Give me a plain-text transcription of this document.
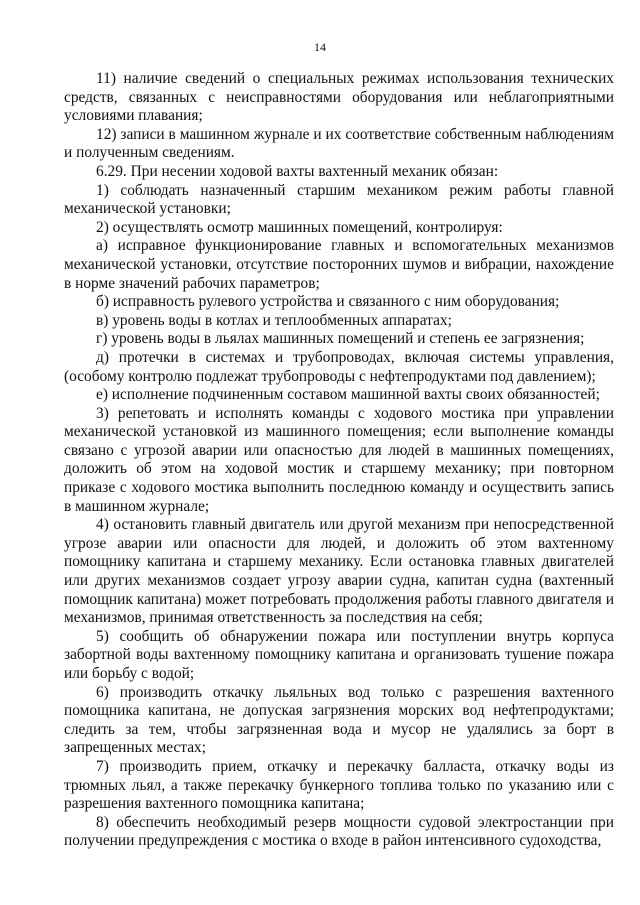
14

11) наличие сведений о специальных режимах использования технических средств, связанных с неисправностями оборудования или неблагоприятными условиями плавания;

12) записи в машинном журнале и их соответствие собственным наблюдениям и полученным сведениям.

6.29. При несении ходовой вахты вахтенный механик обязан:

1) соблюдать назначенный старшим механиком режим работы главной механической установки;

2) осуществлять осмотр машинных помещений, контролируя:

а) исправное функционирование главных и вспомогательных механизмов механической установки, отсутствие посторонних шумов и вибрации, нахождение в норме значений рабочих параметров;

б) исправность рулевого устройства и связанного с ним оборудования;

в) уровень воды в котлах и теплообменных аппаратах;

г) уровень воды в льялах машинных помещений и степень ее загрязнения;

д) протечки в системах и трубопроводах, включая системы управления, (особому контролю подлежат трубопроводы с нефтепродуктами под давлением);

е) исполнение подчиненным составом машинной вахты своих обязанностей;

3) репетовать и исполнять команды с ходового мостика при управлении механической установкой из машинного помещения; если выполнение команды связано с угрозой аварии или опасностью для людей в машинных помещениях, доложить об этом на ходовой мостик и старшему механику; при повторном приказе с ходового мостика выполнить последнюю команду и осуществить запись в машинном журнале;

4) остановить главный двигатель или другой механизм при непосредственной угрозе аварии или опасности для людей, и доложить об этом вахтенному помощнику капитана и старшему механику. Если остановка главных двигателей или других механизмов создает угрозу аварии судна, капитан судна (вахтенный помощник капитана) может потребовать продолжения работы главного двигателя и механизмов, принимая ответственность за последствия на себя;

5) сообщить об обнаружении пожара или поступлении внутрь корпуса забортной воды вахтенному помощнику капитана и организовать тушение пожара или борьбу с водой;

6) производить откачку льяльных вод только с разрешения вахтенного помощника капитана, не допуская загрязнения морских вод нефтепродуктами; следить за тем, чтобы загрязненная вода и мусор не удалялись за борт в запрещенных местах;

7) производить прием, откачку и перекачку балласта, откачку воды из трюмных льял, а также перекачку бункерного топлива только по указанию или с разрешения вахтенного помощника капитана;

8) обеспечить необходимый резерв мощности судовой электростанции при получении предупреждения с мостика о входе в район интенсивного судоходства,
